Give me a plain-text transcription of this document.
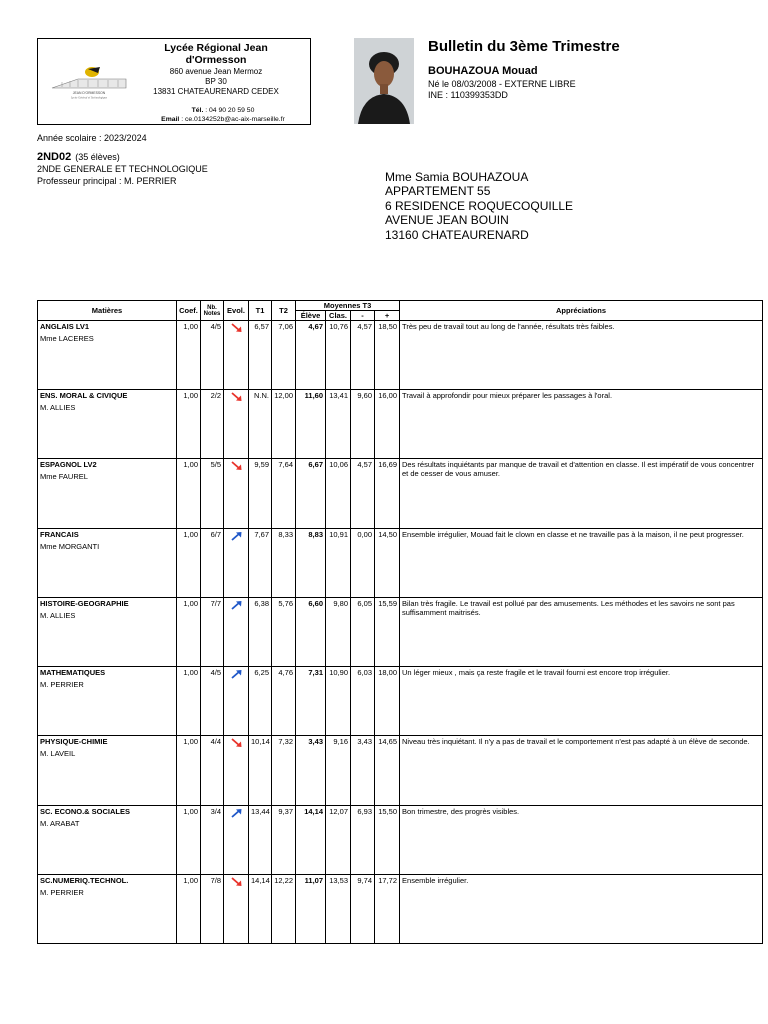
JEAN D'ORMESSON
Lycée Général et Technologique
Lycée Régional Jean d'Ormesson
860 avenue Jean Mermoz
BP 30
13831 CHATEAURENARD CEDEX
Tél. : 04 90 20 59 50
Email : ce.0134252b@ac-aix-marseille.fr
Bulletin du 3ème Trimestre
BOUHAZOUA Mouad
Né le 08/03/2008 - EXTERNE LIBRE
INE : 110399353DD
Année scolaire : 2023/2024
2ND02 (35 élèves)
2NDE GENERALE ET TECHNOLOGIQUE
Professeur principal : M. PERRIER	Mme Samia BOUHAZOUA
APPARTEMENT 55
6 RESIDENCE ROQUECOQUILLE
AVENUE JEAN BOUIN
13160 CHATEAURENARD
Matières	Coef.	Nb.
Notes	Evol.	T1	T2	Moyennes T3				Appréciations
						Élève	Clas.	-	+	
ANGLAIS LV1
Mme LACERES	1,00	4/5		6,57	7,06	4,67	10,76	4,57	18,50	Très peu de travail tout au long de l'année, résultats très faibles.
ENS. MORAL & CIVIQUE
M. ALLIES	1,00	2/2		N.N.	12,00	11,60	13,41	9,60	16,00	Travail à approfondir pour mieux préparer les passages à l'oral.
ESPAGNOL LV2
Mme FAUREL	1,00	5/5		9,59	7,64	6,67	10,06	4,57	16,69	Des résultats inquiétants par manque de travail et d'attention en classe. Il est impératif de vous concentrer et de cesser de vous amuser.
FRANCAIS
Mme MORGANTI	1,00	6/7		7,67	8,33	8,83	10,91	0,00	14,50	Ensemble irrégulier, Mouad fait le clown en classe et ne travaille pas à la maison, il ne peut progresser.
HISTOIRE-GEOGRAPHIE
M. ALLIES	1,00	7/7		6,38	5,76	6,60	9,80	6,05	15,59	Bilan très fragile. Le travail est pollué par des amusements. Les méthodes et les savoirs ne sont pas suffisamment maitrisés.
MATHEMATIQUES
M. PERRIER	1,00	4/5		6,25	4,76	7,31	10,90	6,03	18,00	Un léger mieux , mais ça reste fragile et le travail fourni est encore trop irrégulier.
PHYSIQUE-CHIMIE
M. LAVEIL	1,00	4/4		10,14	7,32	3,43	9,16	3,43	14,65	Niveau très inquiétant. Il n'y a pas de travail et le comportement n'est pas adapté à un élève de seconde.
SC. ECONO.& SOCIALES
M. ARABAT	1,00	3/4		13,44	9,37	14,14	12,07	6,93	15,50	Bon trimestre, des progrès visibles.
SC.NUMERIQ.TECHNOL.
M. PERRIER	1,00	7/8		14,14	12,22	11,07	13,53	9,74	17,72	Ensemble irrégulier.
